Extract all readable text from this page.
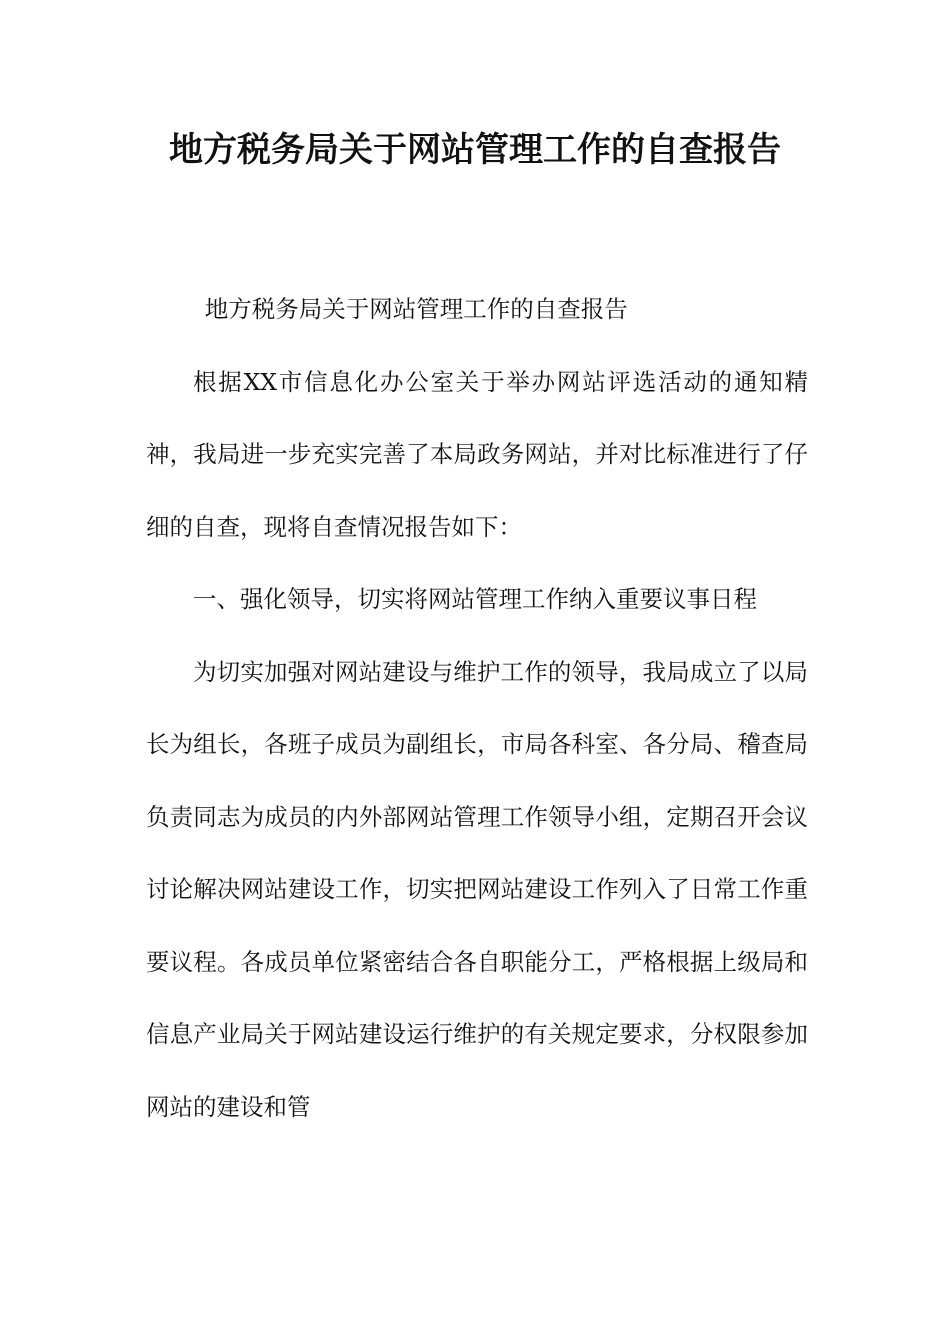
地方税务局关于网站管理工作的自查报告

地方税务局关于网站管理工作的自查报告

根据XX市信息化办公室关于举办网站评选活动的通知精神，我局进一步充实完善了本局政务网站，并对比标准进行了仔细的自查，现将自查情况报告如下：

一、强化领导，切实将网站管理工作纳入重要议事日程

为切实加强对网站建设与维护工作的领导，我局成立了以局长为组长，各班子成员为副组长，市局各科室、各分局、稽查局负责同志为成员的内外部网站管理工作领导小组，定期召开会议讨论解决网站建设工作，切实把网站建设工作列入了日常工作重要议程。各成员单位紧密结合各自职能分工，严格根据上级局和信息产业局关于网站建设运行维护的有关规定要求，分权限参加网站的建设和管
